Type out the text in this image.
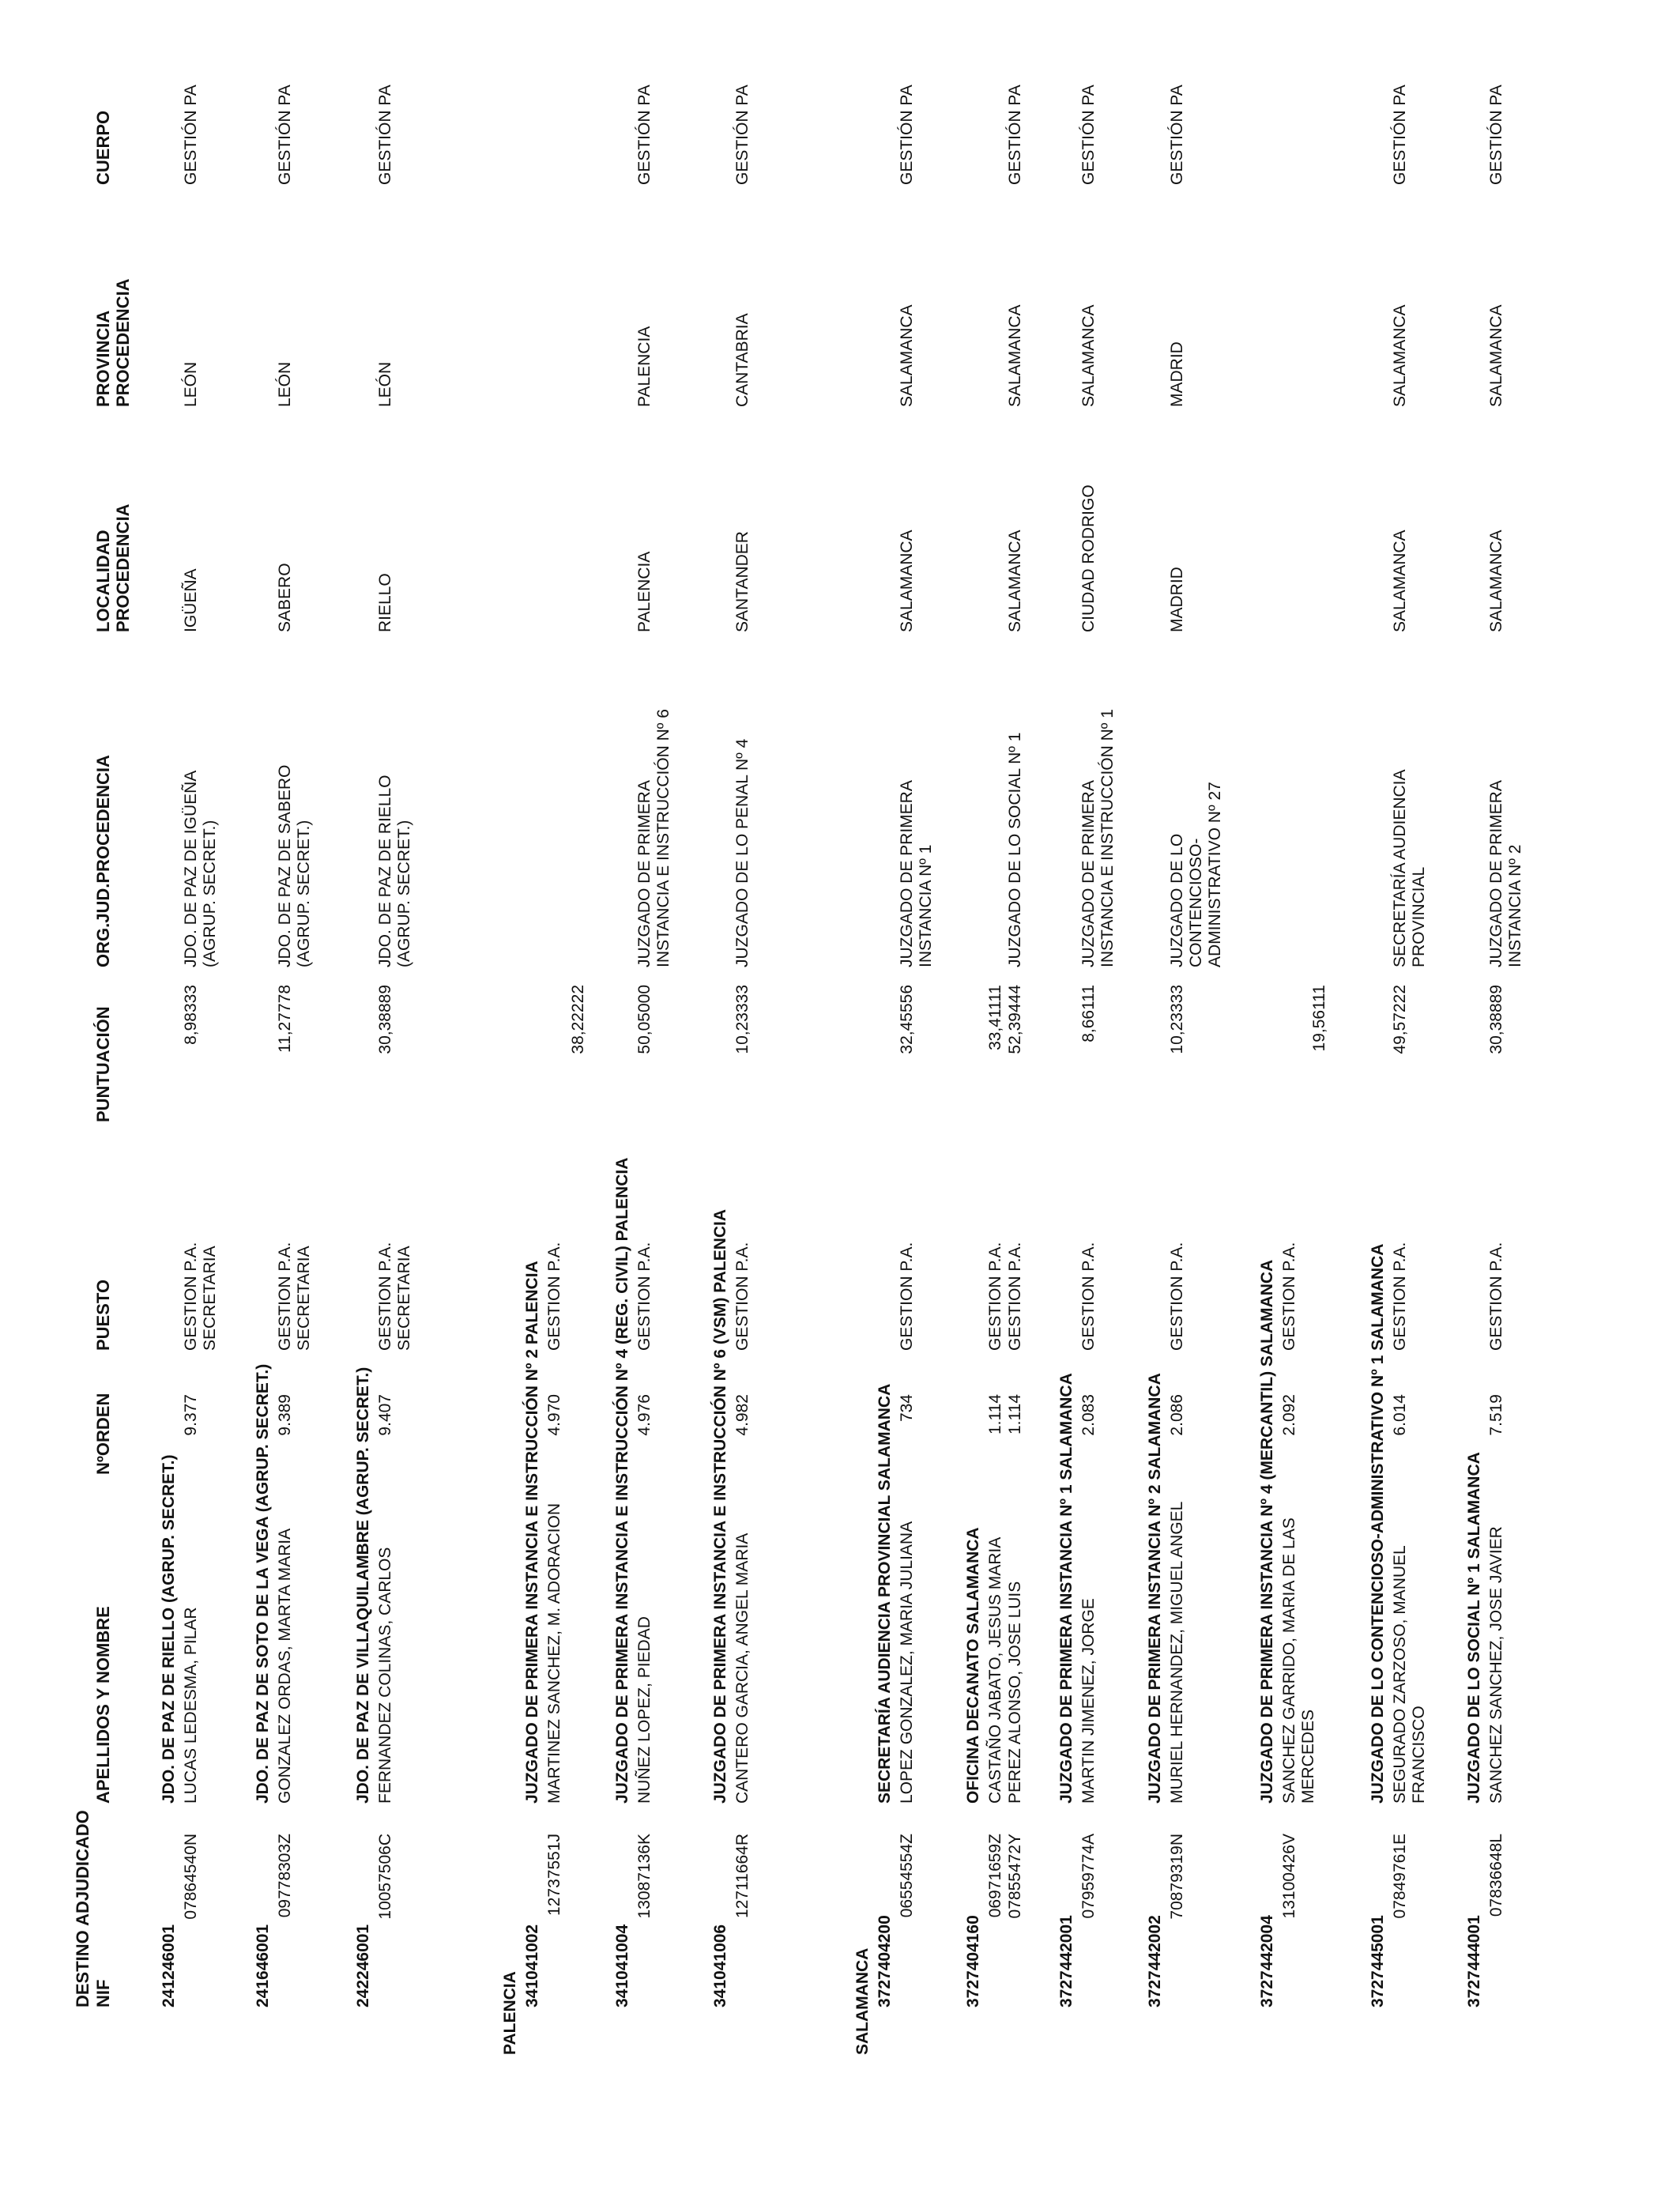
DESTINO ADJUDICADO NIF
APELLIDOS Y NOMBRE
NºORDEN
PUESTO
PUNTUACIÓN
ORG.JUD.PROCEDENCIA
LOCALIDAD PROCEDENCIA
PROVINCIA PROCEDENCIA
CUERPO
241246001
JDO. DE PAZ DE RIELLO (AGRUP. SECRET.)
07864540N
LUCAS LEDESMA, PILAR
9.377
GESTION P.A. SECRETARIA
8,98333
JDO. DE PAZ DE IGÜEÑA (AGRUP. SECRET.)
IGÜEÑA
LEÓN
GESTIÓN PA
241646001
JDO. DE PAZ DE SOTO DE LA VEGA (AGRUP. SECRET.)
09778303Z
GONZALEZ ORDAS, MARTA MARIA
9.389
GESTION P.A. SECRETARIA
11,27778
JDO. DE PAZ DE SABERO (AGRUP. SECRET.)
SABERO
LEÓN
GESTIÓN PA
242246001
JDO. DE PAZ DE VILLAQUILAMBRE (AGRUP. SECRET.)
10057506C
FERNANDEZ COLINAS, CARLOS
9.407
GESTION P.A. SECRETARIA
30,38889
JDO. DE PAZ DE RIELLO (AGRUP. SECRET.)
RIELLO
LEÓN
GESTIÓN PA
PALENCIA
341041002
JUZGADO DE PRIMERA INSTANCIA E INSTRUCCIÓN Nº 2 PALENCIA
12737551J
MARTINEZ SANCHEZ, M. ADORACION
4.970
GESTION P.A.
38,22222
341041004
JUZGADO DE PRIMERA INSTANCIA E INSTRUCCIÓN Nº 4 (REG. CIVIL) PALENCIA
13087136K
NUÑEZ LOPEZ, PIEDAD
4.976
GESTION P.A.
50,05000
JUZGADO DE PRIMERA INSTANCIA E INSTRUCCIÓN Nº 6
PALENCIA
PALENCIA
GESTIÓN PA
341041006
JUZGADO DE PRIMERA INSTANCIA E INSTRUCCIÓN Nº 6 (VSM) PALENCIA
12711664R
CANTERO GARCIA, ANGEL MARIA
4.982
GESTION P.A.
10,23333
JUZGADO DE LO PENAL Nº 4
SANTANDER
CANTABRIA
GESTIÓN PA
SALAMANCA 3727404200
SECRETARÍA AUDIENCIA PROVINCIAL SALAMANCA
06554554Z
LOPEZ GONZALEZ, MARIA JULIANA
734
GESTION P.A.
32,45556
JUZGADO DE PRIMERA INSTANCIA Nº 1
SALAMANCA
SALAMANCA
GESTIÓN PA
3727404160
OFICINA DECANATO SALAMANCA
06971659Z
CASTAÑO JABATO, JESUS MARIA
1.114
GESTION P.A.
33,41111
07855472Y
PEREZ ALONSO, JOSE LUIS
1.114
GESTION P.A.
52,39444
JUZGADO DE LO SOCIAL Nº 1
SALAMANCA
SALAMANCA
GESTIÓN PA
3727442001
JUZGADO DE PRIMERA INSTANCIA Nº 1 SALAMANCA
07959774A
MARTIN JIMENEZ, JORGE
2.083
GESTION P.A.
8,66111
JUZGADO DE PRIMERA INSTANCIA E INSTRUCCIÓN Nº 1
CIUDAD RODRIGO
SALAMANCA
GESTIÓN PA
3727442002
JUZGADO DE PRIMERA INSTANCIA Nº 2 SALAMANCA
70879319N
MURIEL HERNANDEZ, MIGUEL ANGEL
2.086
GESTION P.A.
10,23333
JUZGADO DE LO CONTENCIOSO- ADMINISTRATIVO Nº 27
MADRID
MADRID
GESTIÓN PA
3727442004
JUZGADO DE PRIMERA INSTANCIA Nº 4 (MERCANTIL) SALAMANCA
13100426V
SANCHEZ GARRIDO, MARIA DE LAS MERCEDES
2.092
GESTION P.A.
19,56111
3727445001
JUZGADO DE LO CONTENCIOSO-ADMINISTRATIVO Nº 1 SALAMANCA
07849761E
SEGURADO ZARZOSO, MANUEL FRANCISCO
6.014
GESTION P.A.
49,57222
SECRETARÍA AUDIENCIA PROVINCIAL
SALAMANCA
SALAMANCA
GESTIÓN PA
3727444001
JUZGADO DE LO SOCIAL Nº 1 SALAMANCA
07836648L
SANCHEZ SANCHEZ, JOSE JAVIER
7.519
GESTION P.A.
30,38889
JUZGADO DE PRIMERA INSTANCIA Nº 2
SALAMANCA
SALAMANCA
GESTIÓN PA
